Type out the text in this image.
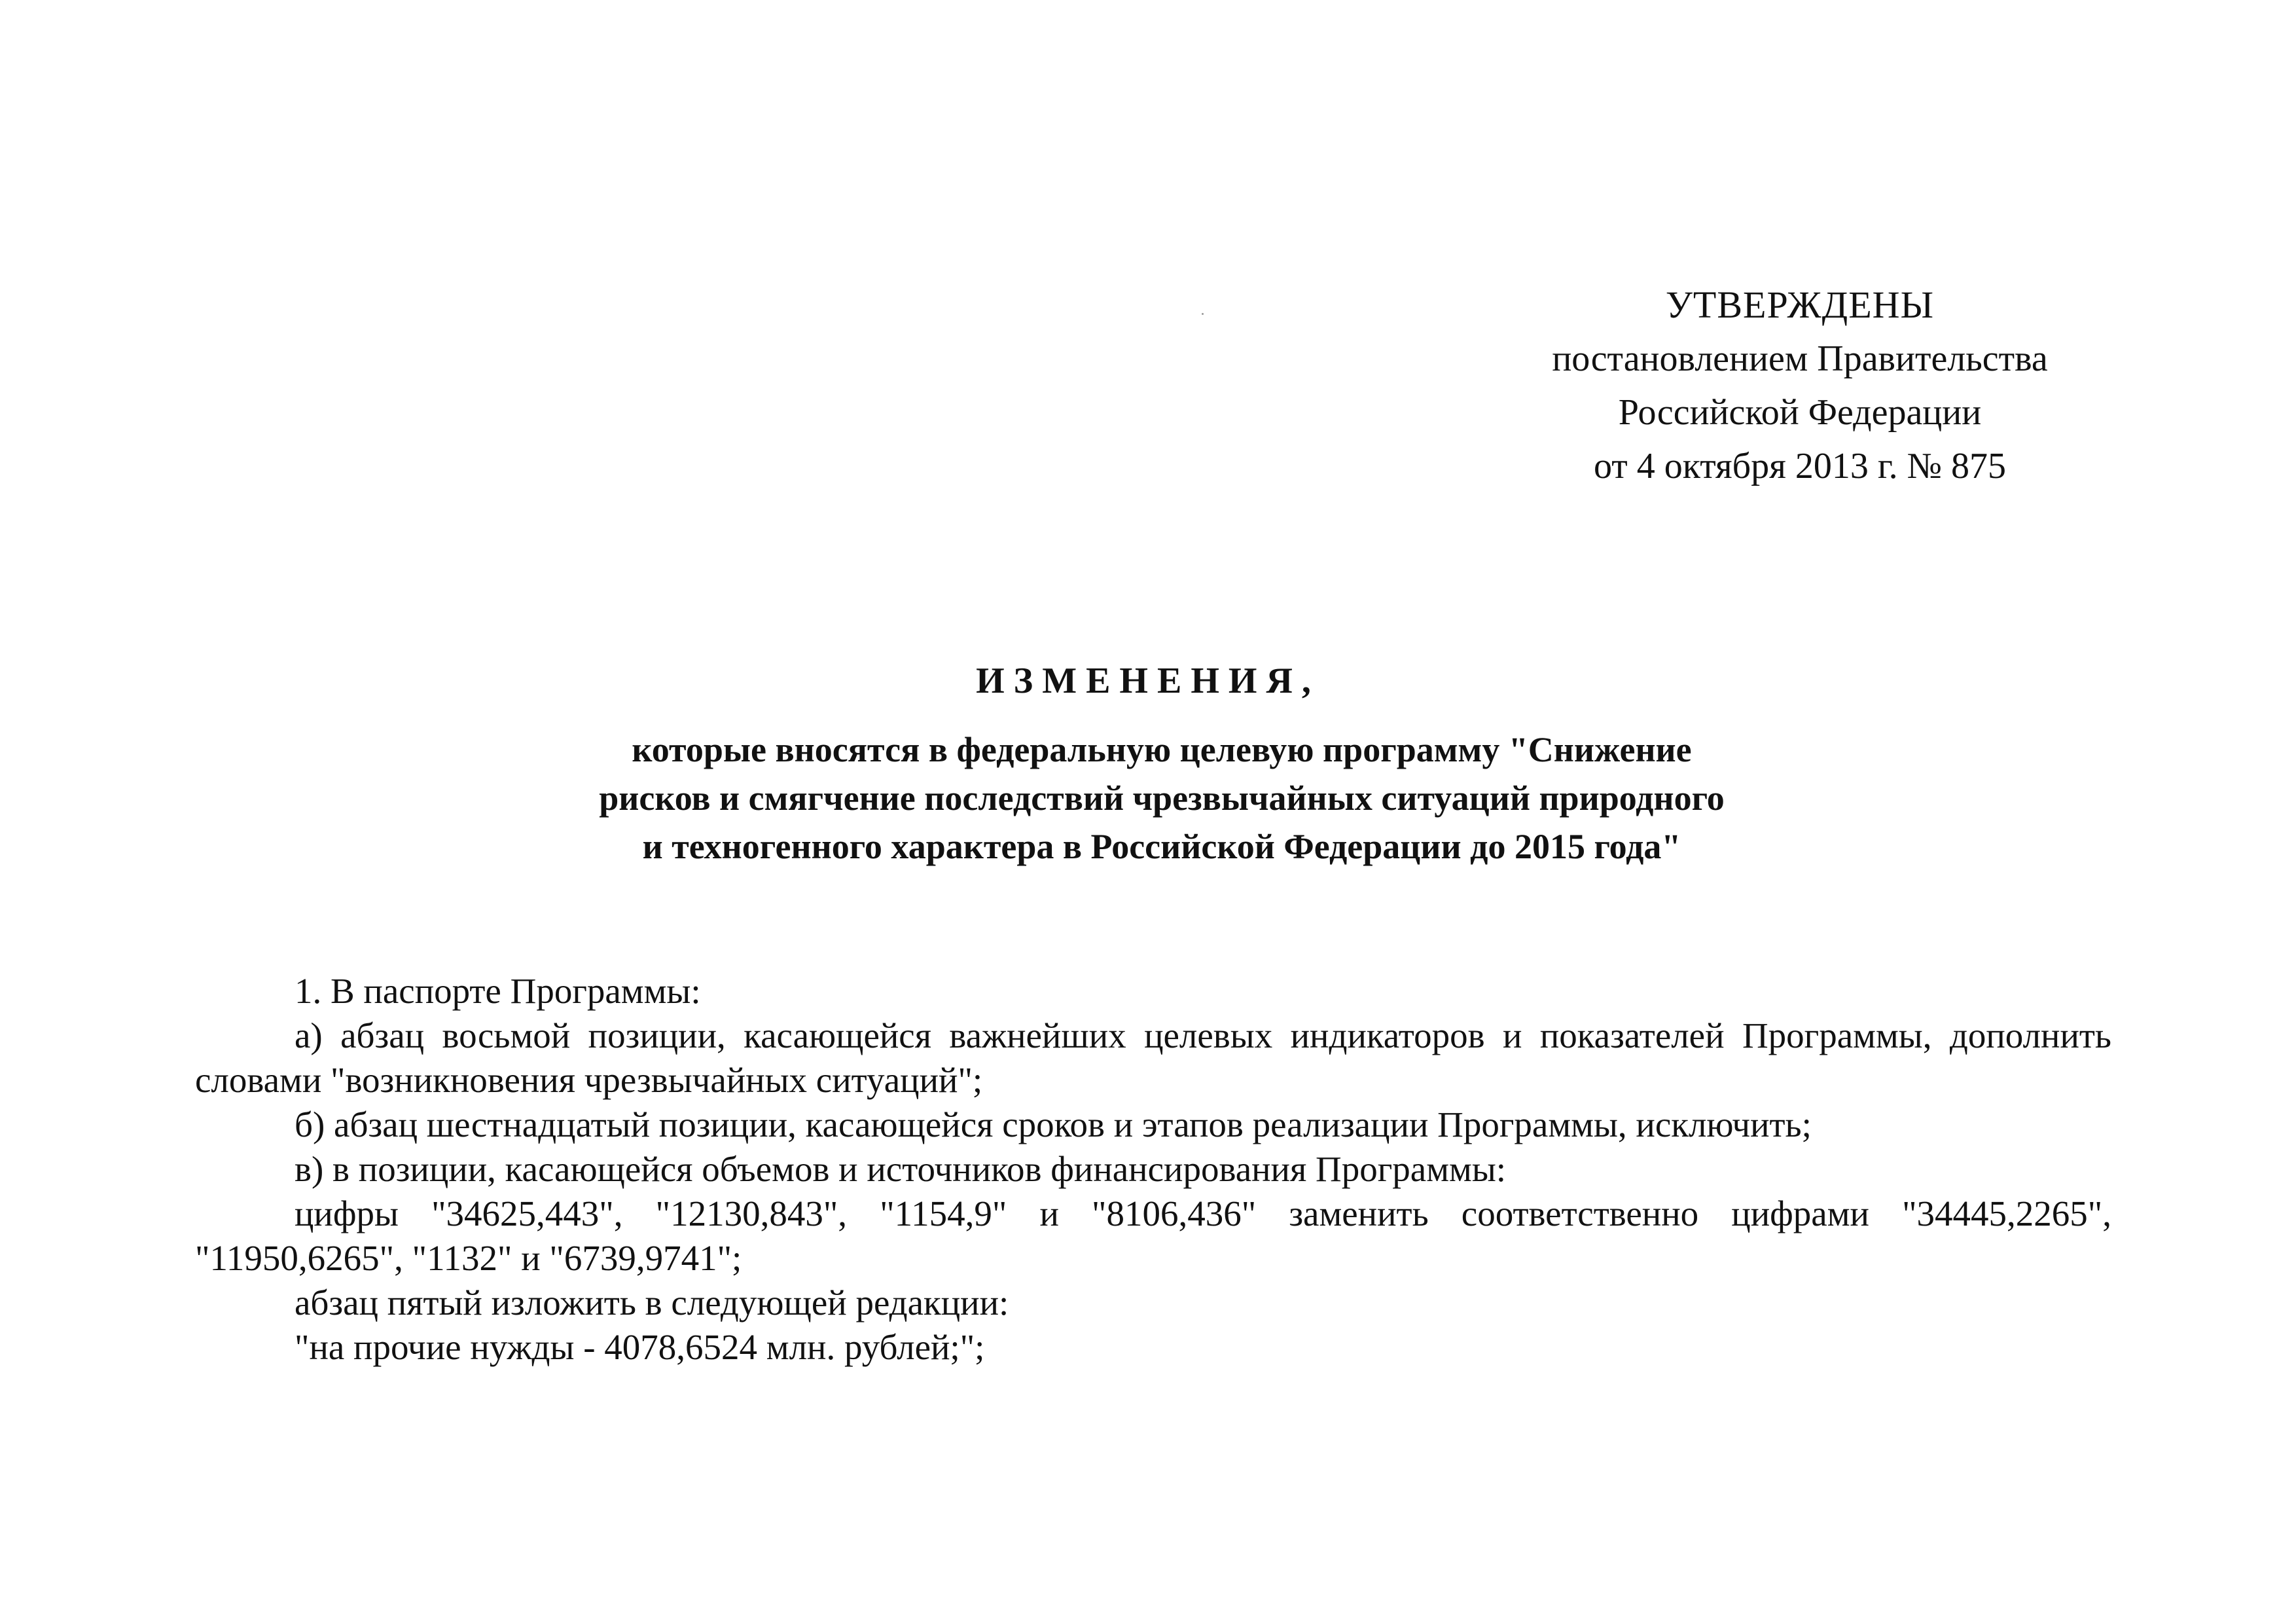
УТВЕРЖДЕНЫ
постановлением Правительства
Российской Федерации
от 4 октября 2013 г. № 875
ИЗМЕНЕНИЯ,
которые вносятся в федеральную целевую программу "Снижение
рисков и смягчение последствий чрезвычайных ситуаций природного
и техногенного характера в Российской Федерации до 2015 года"

1. В паспорте Программы:

а) абзац восьмой позиции, касающейся важнейших целевых индикаторов и показателей Программы, дополнить словами "возникновения чрезвычайных ситуаций";

б) абзац шестнадцатый позиции, касающейся сроков и этапов реализации Программы, исключить;

в) в позиции, касающейся объемов и источников финансирования Программы:

цифры "34625,443", "12130,843", "1154,9" и "8106,436" заменить соответственно цифрами "34445,2265", "11950,6265", "1132" и "6739,9741";

абзац пятый изложить в следующей редакции:

"на прочие нужды - 4078,6524 млн. рублей;";
